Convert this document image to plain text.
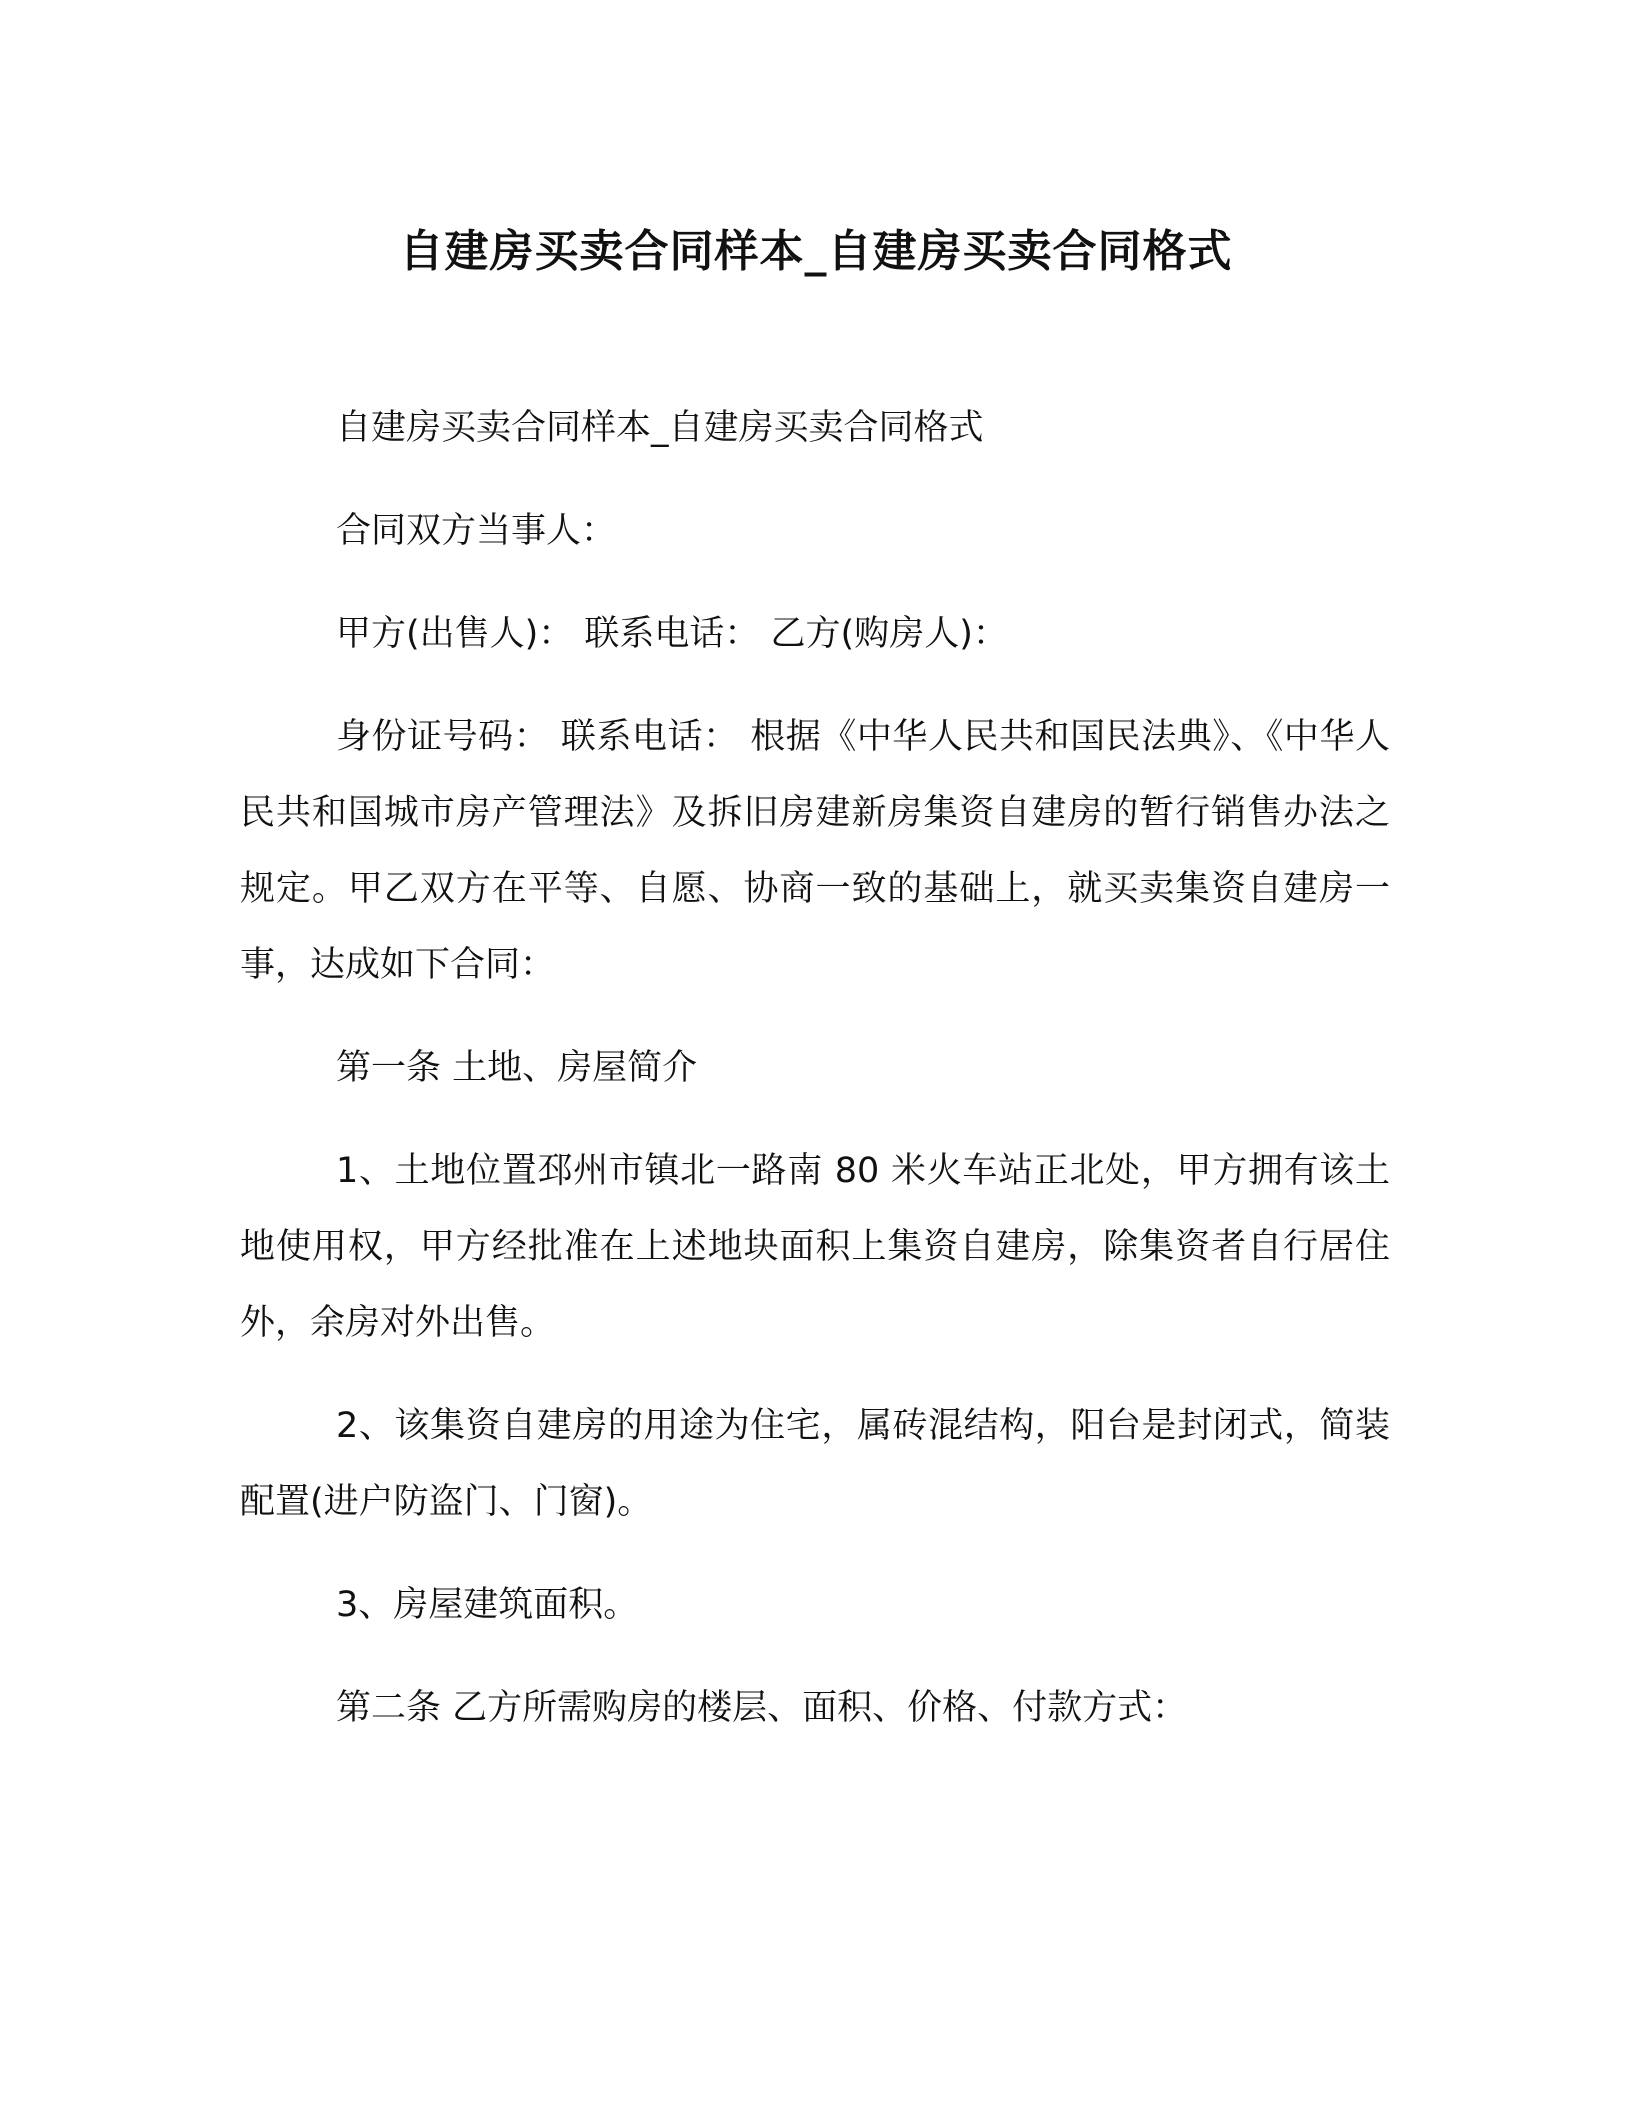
自建房买卖合同样本_自建房买卖合同格式

自建房买卖合同样本_自建房买卖合同格式

合同双方当事人：

甲方(出售人)： 联系电话： 乙方(购房人)：

身份证号码： 联系电话： 根据《中华人民共和国民法典》、《中华人民共和国城市房产管理法》及拆旧房建新房集资自建房的暂行销售办法之规定。甲乙双方在平等、自愿、协商一致的基础上，就买卖集资自建房一事，达成如下合同：

第一条 土地、房屋简介

1、土地位置邳州市镇北一路南 80 米火车站正北处，甲方拥有该土地使用权，甲方经批准在上述地块面积上集资自建房，除集资者自行居住外，余房对外出售。

2、该集资自建房的用途为住宅，属砖混结构，阳台是封闭式，简装配置(进户防盗门、门窗)。

3、房屋建筑面积。

第二条 乙方所需购房的楼层、面积、价格、付款方式：
